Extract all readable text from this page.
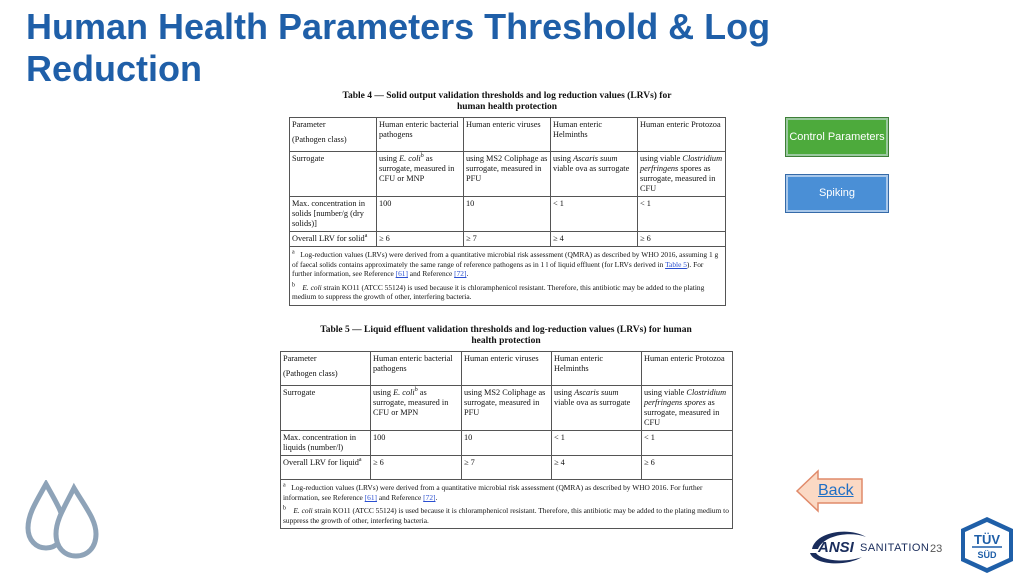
Human Health Parameters Threshold & Log Reduction
Table 4 — Solid output validation thresholds and log reduction values (LRVs) for human health protection
Parameter
(Pathogen class)	Human enteric bacterial pathogens	Human enteric viruses	Human enteric Helminths	Human enteric Protozoa
Surrogate	using E. coli$^b$ as surrogate, measured in CFU or MNP	using MS2 Coliphage as surrogate, measured in PFU	using Ascaris suum viable ova as surrogate	using viable Clostridium perfringens spores as surrogate, measured in CFU
Max. concentration in solids [number/g (dry solids)]	100	10	< 1	< 1
Overall LRV for solid$^a$	≥ 6	≥ 7	≥ 4	≥ 6

$^a$ Log-reduction values (LRVs) were derived from a quantitative microbial risk assessment (QMRA) as described by WHO 2016, assuming 1 g of faecal solids contains approximately the same range of reference pathogens as in 1 l of liquid effluent (for LRVs derived in Table 5). For further information, see Reference [61] and Reference [72].
$^b$ E. coli strain KO11 (ATCC 55124) is used because it is chloramphenicol resistant. Therefore, this antibiotic may be added to the plating medium to suppress the growth of other, interfering bacteria.				
Table 5 — Liquid effluent validation thresholds and log-reduction values (LRVs) for human health protection
Parameter
(Pathogen class)	Human enteric bacterial pathogens	Human enteric viruses	Human enteric Helminths	Human enteric Protozoa
Surrogate	using E. coli$^b$ as surrogate, measured in CFU or MPN	using MS2 Coliphage as surrogate, measured in PFU	using Ascaris suum viable ova as surrogate	using viable Clostridium perfringens spores as surrogate, measured in CFU
Max. concentration in liquids (number/l)	100	10	< 1	< 1
Overall LRV for liquid$^a$	≥ 6	≥ 7	≥ 4	≥ 6

$^a$ Log-reduction values (LRVs) were derived from a quantitative microbial risk assessment (QMRA) as described by WHO 2016. For further information, see Reference [61] and Reference [72].
$^b$ E. coli strain KO11 (ATCC 55124) is used because it is chloramphenicol resistant. Therefore, this antibiotic may be added to the plating medium to suppress the growth of other, interfering bacteria.				
Control Parameters
Spiking
Back
ANSI SANITATION 23
TÜV
SÜD
